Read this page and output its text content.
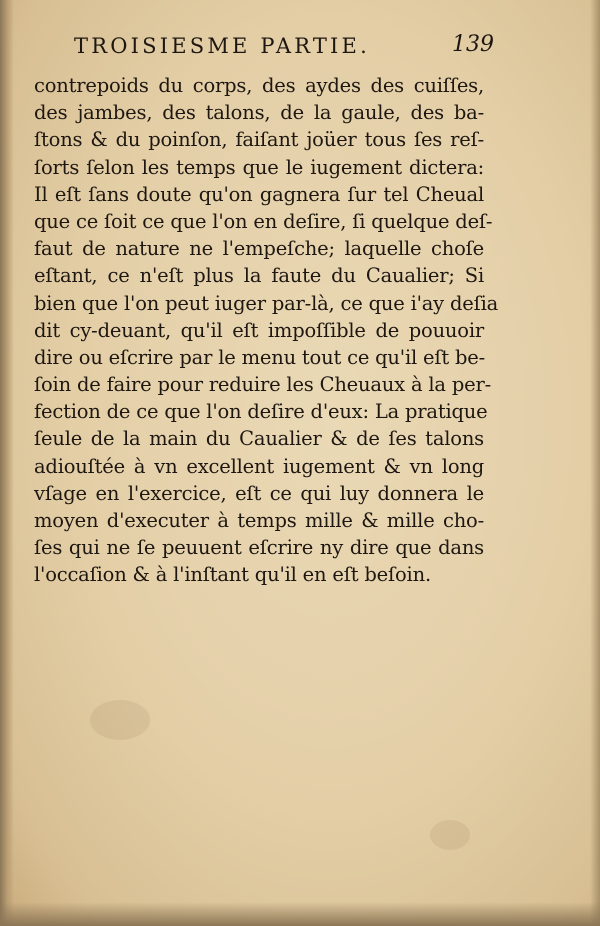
TROISIESME PARTIE.	139
contrepoids du corps, des aydes des cuiſſes,
des jambes, des talons, de la gaule, des ba-
ſtons & du poinſon, faiſant joüer tous ſes reſ-
ſorts ſelon les temps que le iugement dictera:
Il eſt ſans doute qu'on gagnera ſur tel Cheual
que ce ſoit ce que l'on en deſire, ſi quelque deſ-
faut de nature ne l'empeſche; laquelle choſe
eſtant, ce n'eſt plus la faute du Caualier; Si
bien que l'on peut iuger par-là, ce que i'ay deſia
dit cy-deuant, qu'il eſt impoſſible de pouuoir
dire ou eſcrire par le menu tout ce qu'il eſt be-
ſoin de faire pour reduire les Cheuaux à la per-
fection de ce que l'on deſire d'eux: La pratique
ſeule de la main du Caualier & de ſes talons
adiouſtée à vn excellent iugement & vn long
vſage en l'exercice, eſt ce qui luy donnera le
moyen d'executer à temps mille & mille cho-
ſes qui ne ſe peuuent eſcrire ny dire que dans
l'occaſion & à l'inſtant qu'il en eſt beſoin.
